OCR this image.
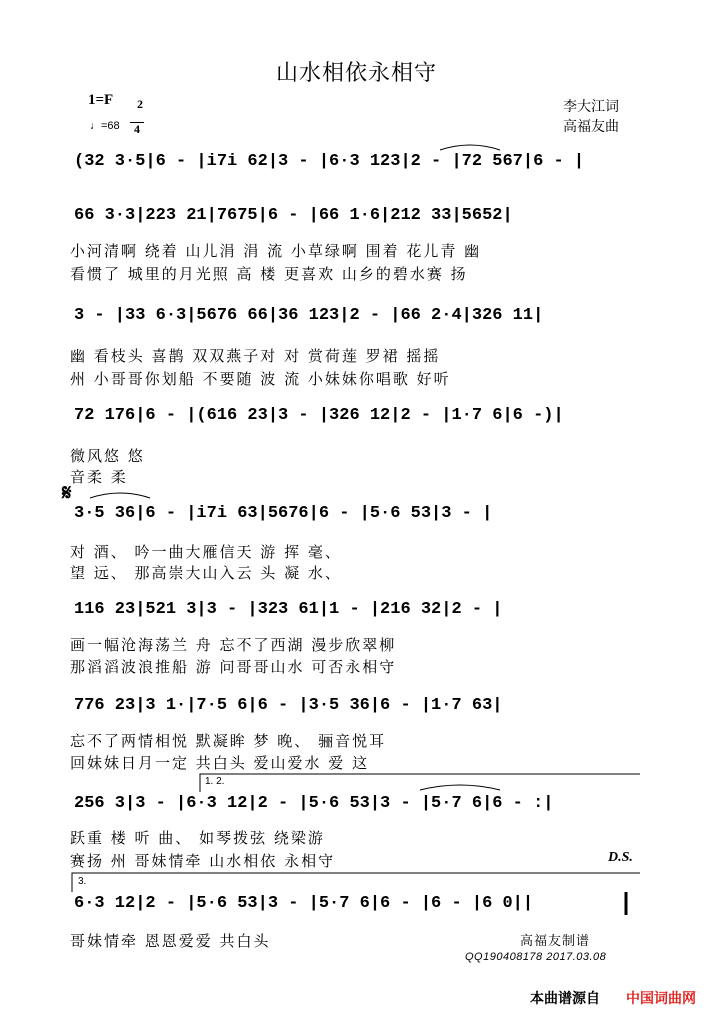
山水相依永相守
1=F	2

4

♩=68
李大江词
高福友曲
(32 3·5|6 - |i7i 62|3 - |6·3 123|2 - |72 567|6 - |
66 3·3|223 21|7675|6 - |66 1·6|212 33|5652|
小河清啊 绕着 山儿涓 涓 流 小草绿啊 围着 花儿青 幽
看惯了 城里的月光照 高 楼 更喜欢 山乡的碧水赛 扬
3 - |33 6·3|5676 66|36 123|2 - |66 2·4|326 11|
幽 看枝头 喜鹊 双双燕子对 对 赏荷莲 罗裙 摇摇
州 小哥哥你划船 不要随 波 流 小妹妹你唱歌 好听
72 176|6 - |(616 23|3 - |326 12|2 - |1·7 6|6 -)|
微风悠 悠
音柔 柔
𝄋
3·5 36|6 - |i7i 63|5676|6 - |5·6 53|3 - |
对 酒、 吟一曲大雁信天 游 挥 毫、
望 远、 那高崇大山入云 头 凝 水、
116 23|521 3|3 - |323 61|1 - |216 32|2 - |
画一幅沧海荡兰 舟 忘不了西湖 漫步欣翠柳
那滔滔波浪推船 游 问哥哥山水 可否永相守
776 23|3 1·|7·5 6|6 - |3·5 36|6 - |1·7 63|
忘不了两情相悦 默凝眸 梦 晚、 骊音悦耳
回妹妹日月一定 共白头 爱山爱水 爱 这
1. 2.
256 3|3 - |6·3 12|2 - |5·6 53|3 - |5·7 6|6 - :|
跃重 楼 听 曲、 如琴拨弦 绕梁游
赛扬 州 哥妹情牵 山水相依 永相守	D.S.
3.
6·3 12|2 - |5·6 53|3 - |5·7 6|6 - |6 - |6 0||
哥妹情牵 恩恩爱爱 共白头	高福友制谱
QQ190408178 2017.03.08
本曲谱源自 中国词曲网
